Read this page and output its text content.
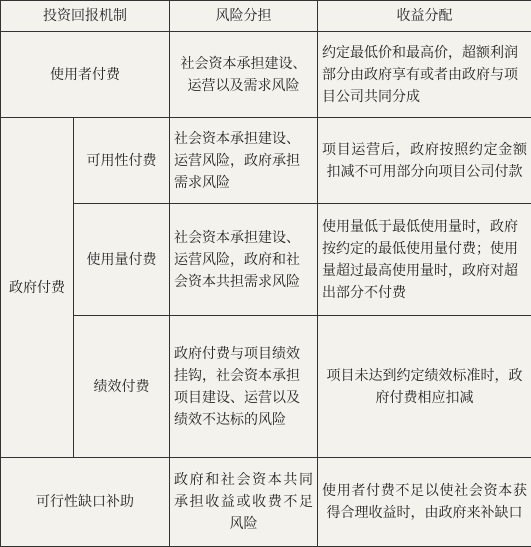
投资回报机制		风险分担	收益分配
使用者付费		社会资本承担建设、运营以及需求风险	约定最低价和最高价，超额利润部分由政府享有或者由政府与项目公司共同分成
政府付费	可用性付费	社会资本承担建设、运营风险，政府承担需求风险	项目运营后，政府按照约定金额扣减不可用部分向项目公司付款
	使用量付费	社会资本承担建设、运营风险，政府和社会资本共担需求风险	使用量低于最低使用量时，政府按约定的最低使用量付费；使用量超过最高使用量时，政府对超出部分不付费
	绩效付费	政府付费与项目绩效挂钩，社会资本承担项目建设、运营以及绩效不达标的风险	项目未达到约定绩效标准时，政府付费相应扣减
可行性缺口补助		政府和社会资本共同承担收益或收费不足风险	使用者付费不足以使社会资本获得合理收益时，由政府来补缺口
